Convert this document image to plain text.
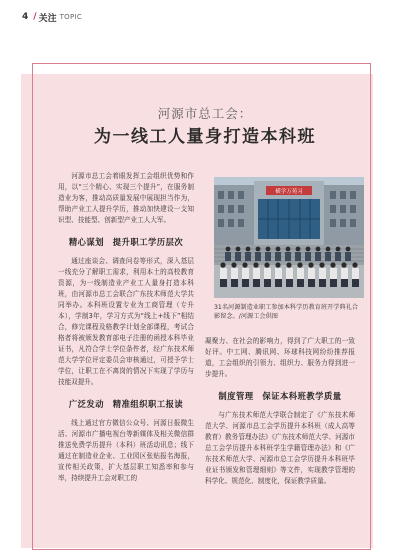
4 / 关注 TOPIC
河源市总工会：
为一线工人量身打造本科班

河源市总工会着眼发挥工会组织优势和作用，以“三个精心、实现三个提升”，在服务制造业为客，推动高质量发展中展现担当作为，帮助产业工人提升学历，推动加快建设一支知识型、技能型、创新型产业工人大军。

精心谋划　提升职工学历层次

通过座谈会、调查问卷等形式，深入基层一线充分了解职工需求，利用本土的高校教育资源，为一线制造业产业工人量身打造本科班，由河源市总工会联合广东技术师范大学共同举办。本科班设置专业为工商管理（专升本），学制3年，学习方式为“线上+线下”相结合，修完课程及格教学计划全部课程，考试合格者将被颁发教育部电子注册的函授本科毕业证书，凡符合学士学位条件者，经广东技术师范大学学位评定委员会审核通过，可授予学士学位，让职工在不离岗的情况下实现了学历与技能双提升。

广泛发动　精准组织职工报读

线上通过官方微信公众号、河源日报微生活、河源市广播电视台等新媒体及相关微信群推送免费学历提升（本科）班活动讯息；线下通过在制造业企业、工业园区张贴报名海报，宣传相关政策，扩大基层职工知悉率和参与率，持续提升工会对职工的

横学万苑习
31名河源制造业职工参加本科学历教育班开学典礼合影留念。/河源工会供图

凝聚力、在社会的影响力，得到了广大职工的一致好评。中工网、腾讯网、环球科技网纷纷推荐报道，工会组织的引领力、组织力、服务力得到进一步提升。

制度管理　保证本科班教学质量

与广东技术师范大学联合制定了《广东技术师范大学、河源市总工会学历提升本科班（成人高等教育）教务管理办法》《广东技术师范大学、河源市总工会学历提升本科班学生学籍管理办法》和《广东技术师范大学、河源市总工会学历提升本科班毕业证书颁发和管理细则》等文件，实现教学管理的科学化、规范化、制度化，保证教学质量。
